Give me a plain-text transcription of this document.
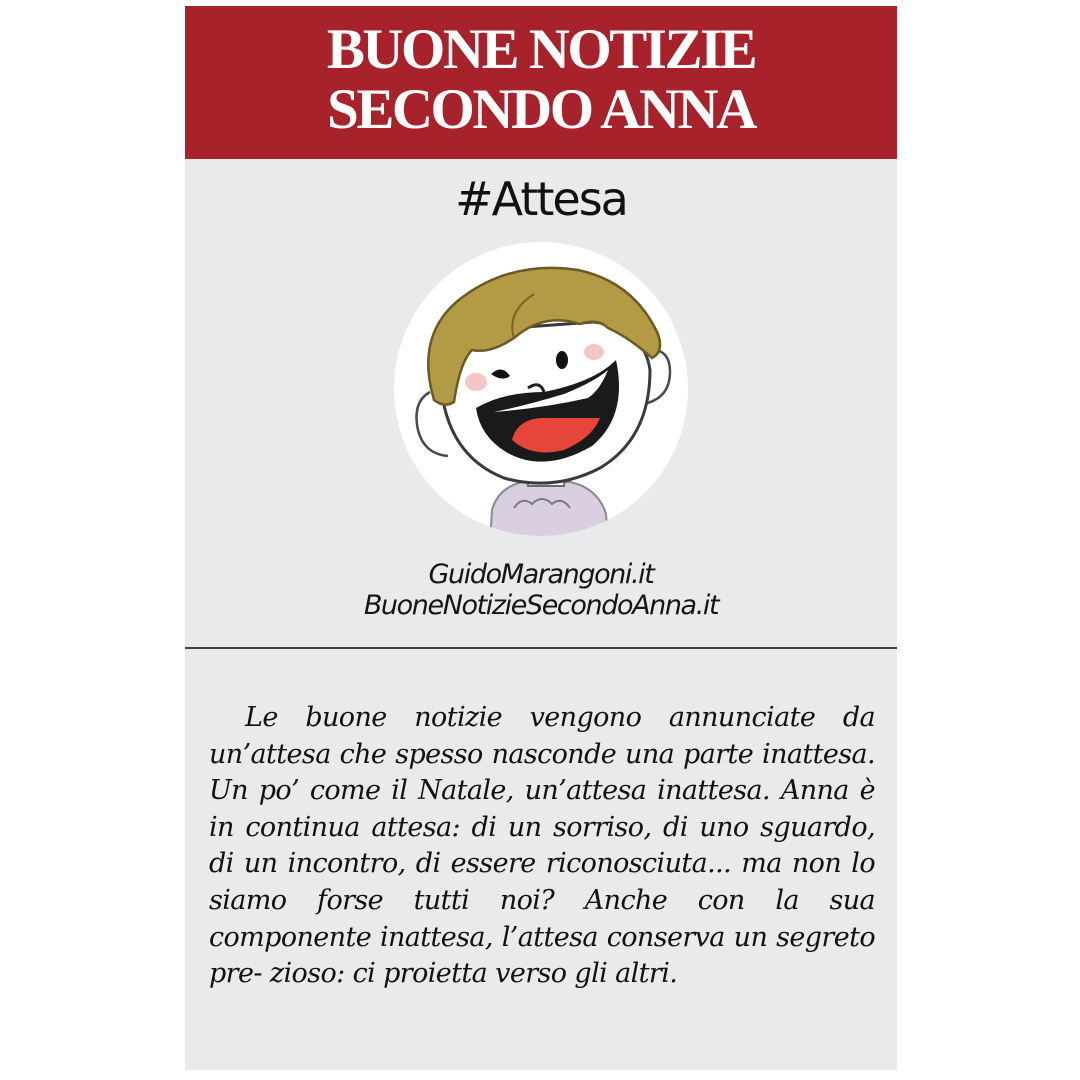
BUONE NOTIZIE
SECONDO ANNA
#Attesa
GuidoMarangoni.it
BuoneNotizieSecondoAnna.it

Le buone notizie vengono annunciate da un’attesa che spesso nasconde una parte inattesa. Un po’ come il Natale, un’attesa inattesa. Anna è in continua attesa: di un sorriso, di uno sguardo, di un incontro, di essere riconosciuta... ma non lo siamo forse tutti noi? Anche con la sua componente inattesa, l’attesa conserva un segreto pre- zioso: ci proietta verso gli altri.
